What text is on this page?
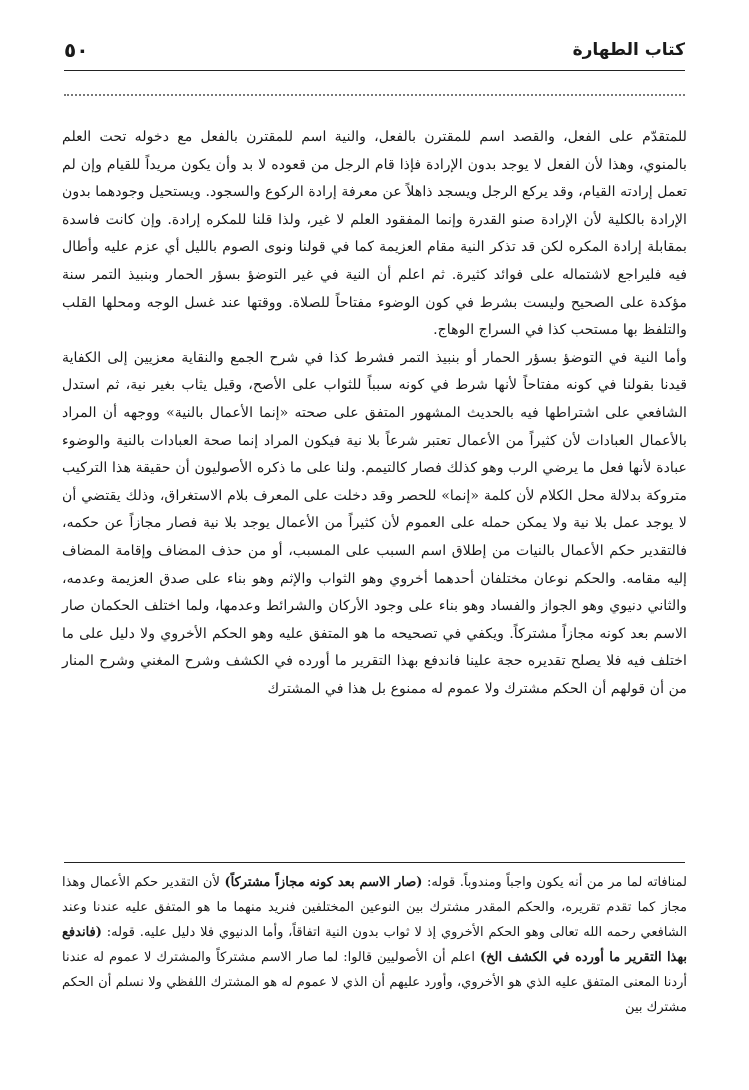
كتاب الطهارة
٥٠

للمتقدّم على الفعل، والقصد اسم للمقترن بالفعل، والنية اسم للمقترن بالفعل مع دخوله تحت العلم بالمنوي، وهذا لأن الفعل لا يوجد بدون الإرادة فإذا قام الرجل من قعوده لا بد وأن يكون مريداً للقيام وإن لم تعمل إرادته القيام، وقد يركع الرجل ويسجد ذاهلاً عن معرفة إرادة الركوع والسجود. ويستحيل وجودهما بدون الإرادة بالكلية لأن الإرادة صنو القدرة وإنما المفقود العلم لا غير، ولذا قلنا للمكره إرادة. وإن كانت فاسدة بمقابلة إرادة المكره لكن قد تذكر النية مقام العزيمة كما في قولنا ونوى الصوم بالليل أي عزم عليه وأطال فيه فليراجع لاشتماله على فوائد كثيرة. ثم اعلم أن النية في غير التوضؤ بسؤر الحمار وبنبيذ التمر سنة مؤكدة على الصحيح وليست بشرط في كون الوضوء مفتاحاً للصلاة. ووقتها عند غسل الوجه ومحلها القلب والتلفظ بها مستحب كذا في السراج الوهاج.

وأما النية في التوضؤ بسؤر الحمار أو بنبيذ التمر فشرط كذا في شرح الجمع والنقاية معزيين إلى الكفاية قيدنا بقولنا في كونه مفتاحاً لأنها شرط في كونه سبباً للثواب على الأصح، وقيل يثاب بغير نية، ثم استدل الشافعي على اشتراطها فيه بالحديث المشهور المتفق على صحته «إنما الأعمال بالنية» ووجهه أن المراد بالأعمال العبادات لأن كثيراً من الأعمال تعتبر شرعاً بلا نية فيكون المراد إنما صحة العبادات بالنية والوضوء عبادة لأنها فعل ما يرضي الرب وهو كذلك فصار كالتيمم. ولنا على ما ذكره الأصوليون أن حقيقة هذا التركيب متروكة بدلالة محل الكلام لأن كلمة «إنما» للحصر وقد دخلت على المعرف بلام الاستغراق، وذلك يقتضي أن لا يوجد عمل بلا نية ولا يمكن حمله على العموم لأن كثيراً من الأعمال يوجد بلا نية فصار مجازاً عن حكمه، فالتقدير حكم الأعمال بالنيات من إطلاق اسم السبب على المسبب، أو من حذف المضاف وإقامة المضاف إليه مقامه. والحكم نوعان مختلفان أحدهما أخروي وهو الثواب والإثم وهو بناء على صدق العزيمة وعدمه، والثاني دنيوي وهو الجواز والفساد وهو بناء على وجود الأركان والشرائط وعدمها، ولما اختلف الحكمان صار الاسم بعد كونه مجازاً مشتركاً. ويكفي في تصحيحه ما هو المتفق عليه وهو الحكم الأخروي ولا دليل على ما اختلف فيه فلا يصلح تقديره حجة علينا فاندفع بهذا التقرير ما أورده في الكشف وشرح المغني وشرح المنار من أن قولهم أن الحكم مشترك ولا عموم له ممنوع بل هذا في المشترك

لمنافاته لما مر من أنه يكون واجباً ومندوباً. قوله: (صار الاسم بعد كونه مجازاً مشتركاً) لأن التقدير حكم الأعمال وهذا مجاز كما تقدم تقريره، والحكم المقدر مشترك بين النوعين المختلفين فنريد منهما ما هو المتفق عليه عندنا وعند الشافعي رحمه الله تعالى وهو الحكم الأخروي إذ لا ثواب بدون النية اتفاقاً، وأما الدنيوي فلا دليل عليه. قوله: (فاندفع بهذا التقرير ما أورده في الكشف الخ) اعلم أن الأصوليين قالوا: لما صار الاسم مشتركاً والمشترك لا عموم له عندنا أردنا المعنى المتفق عليه الذي هو الأخروي، وأورد عليهم أن الذي لا عموم له هو المشترك اللفظي ولا نسلم أن الحكم مشترك بين
